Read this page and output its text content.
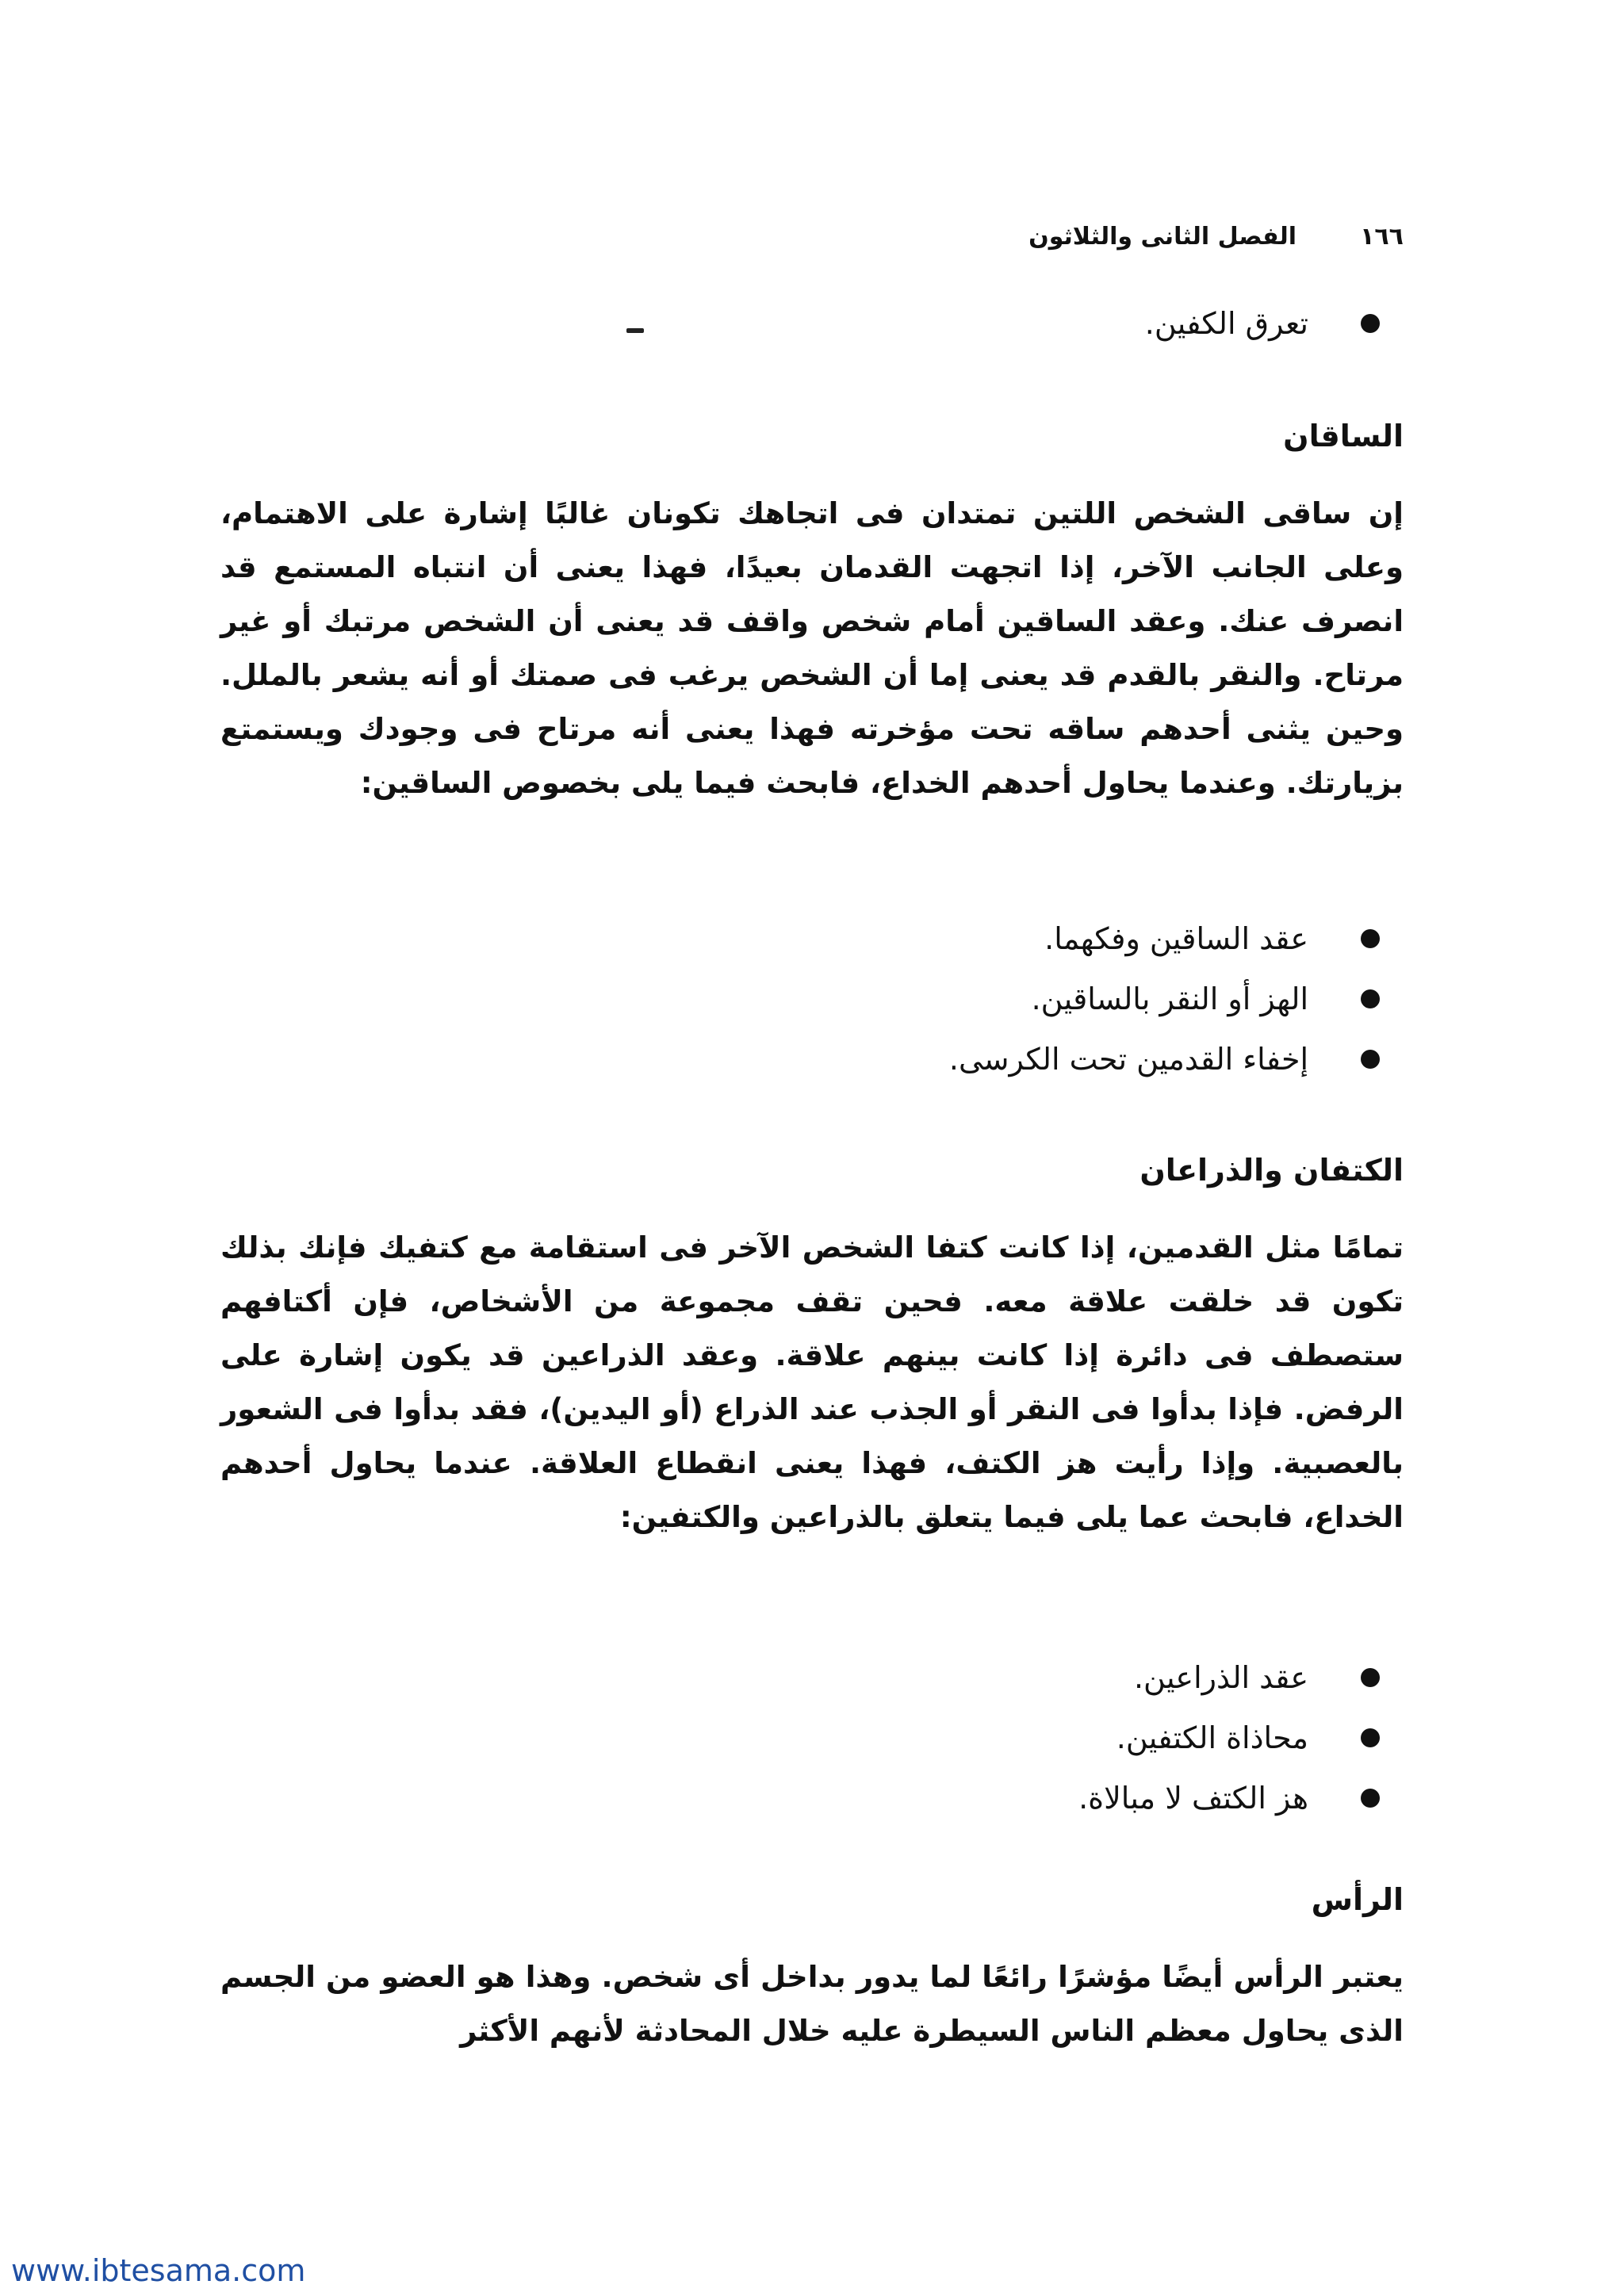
١٦٦
الفصل الثانى والثلاثون
تعرق الكفين.
الساقان

إن ساقى الشخص اللتين تمتدان فى اتجاهك تكونان غالبًا إشارة على الاهتمام، وعلى الجانب الآخر، إذا اتجهت القدمان بعيدًا، فهذا يعنى أن انتباه المستمع قد انصرف عنك. وعقد الساقين أمام شخص واقف قد يعنى أن الشخص مرتبك أو غير مرتاح. والنقر بالقدم قد يعنى إما أن الشخص يرغب فى صمتك أو أنه يشعر بالملل. وحين يثنى أحدهم ساقه تحت مؤخرته فهذا يعنى أنه مرتاح فى وجودك ويستمتع بزيارتك. وعندما يحاول أحدهم الخداع، فابحث فيما يلى بخصوص الساقين:

عقد الساقين وفكهما.
الهز أو النقر بالساقين.
إخفاء القدمين تحت الكرسى.
الكتفان والذراعان

تمامًا مثل القدمين، إذا كانت كتفا الشخص الآخر فى استقامة مع كتفيك فإنك بذلك تكون قد خلقت علاقة معه. فحين تقف مجموعة من الأشخاص، فإن أكتافهم ستصطف فى دائرة إذا كانت بينهم علاقة. وعقد الذراعين قد يكون إشارة على الرفض. فإذا بدأوا فى النقر أو الجذب عند الذراع (أو اليدين)، فقد بدأوا فى الشعور بالعصبية. وإذا رأيت هز الكتف، فهذا يعنى انقطاع العلاقة. عندما يحاول أحدهم الخداع، فابحث عما يلى فيما يتعلق بالذراعين والكتفين:

عقد الذراعين.
محاذاة الكتفين.
هز الكتف لا مبالاة.
الرأس

يعتبر الرأس أيضًا مؤشرًا رائعًا لما يدور بداخل أى شخص. وهذا هو العضو من الجسم الذى يحاول معظم الناس السيطرة عليه خلال المحادثة لأنهم الأكثر

www.ibtesama.com
